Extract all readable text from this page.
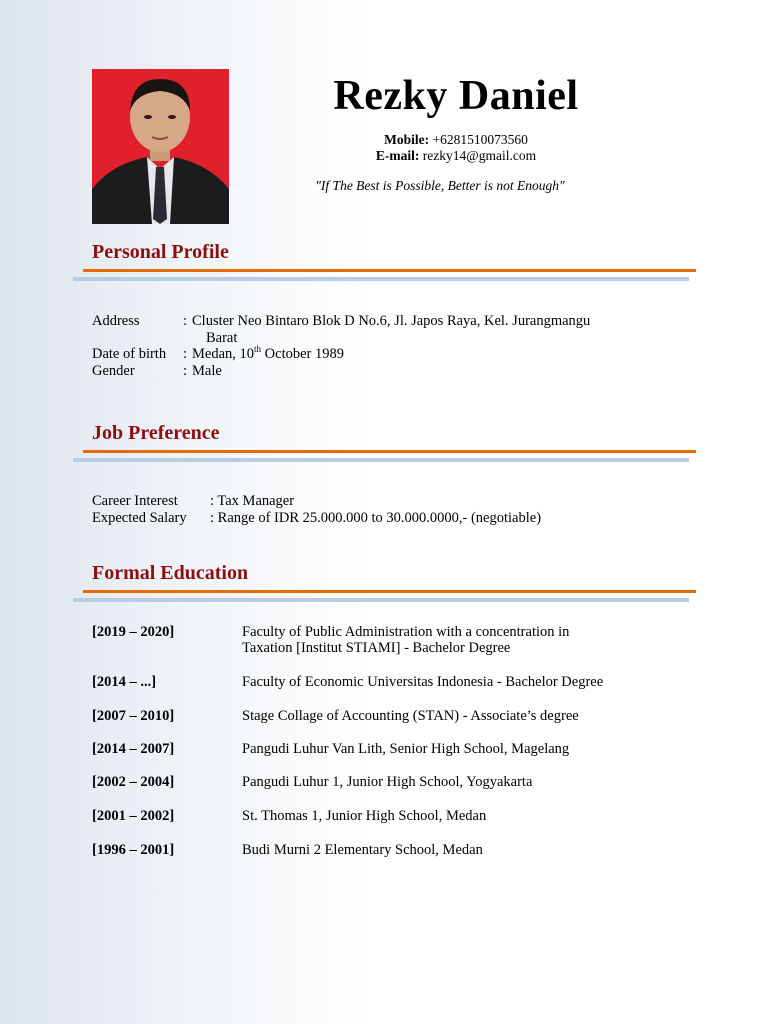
Rezky Daniel
Mobile: +6281510073560
E-mail: rezky14@gmail.com
"If The Best is Possible, Better is not Enough"
Personal Profile
Address	: Cluster Neo Bintaro Blok D No.6, Jl. Japos Raya, Kel. Jurangmangu
Barat
Date of birth : Medan, 10th October 1989
Gender	: Male
Job Preference
Career Interest : Tax Manager
Expected Salary : Range of IDR 25.000.000 to 30.000.0000,- (negotiable)
Formal Education
[2019 – 2020]	Faculty of Public Administration with a concentration in
Taxation [Institut STIAMI] - Bachelor Degree
[2014 – ...]	Faculty of Economic Universitas Indonesia - Bachelor Degree
[2007 – 2010]	Stage Collage of Accounting (STAN) - Associate’s degree
[2014 – 2007]	Pangudi Luhur Van Lith, Senior High School, Magelang
[2002 – 2004]	Pangudi Luhur 1, Junior High School, Yogyakarta
[2001 – 2002]	St. Thomas 1, Junior High School, Medan
[1996 – 2001]	Budi Murni 2 Elementary School, Medan
